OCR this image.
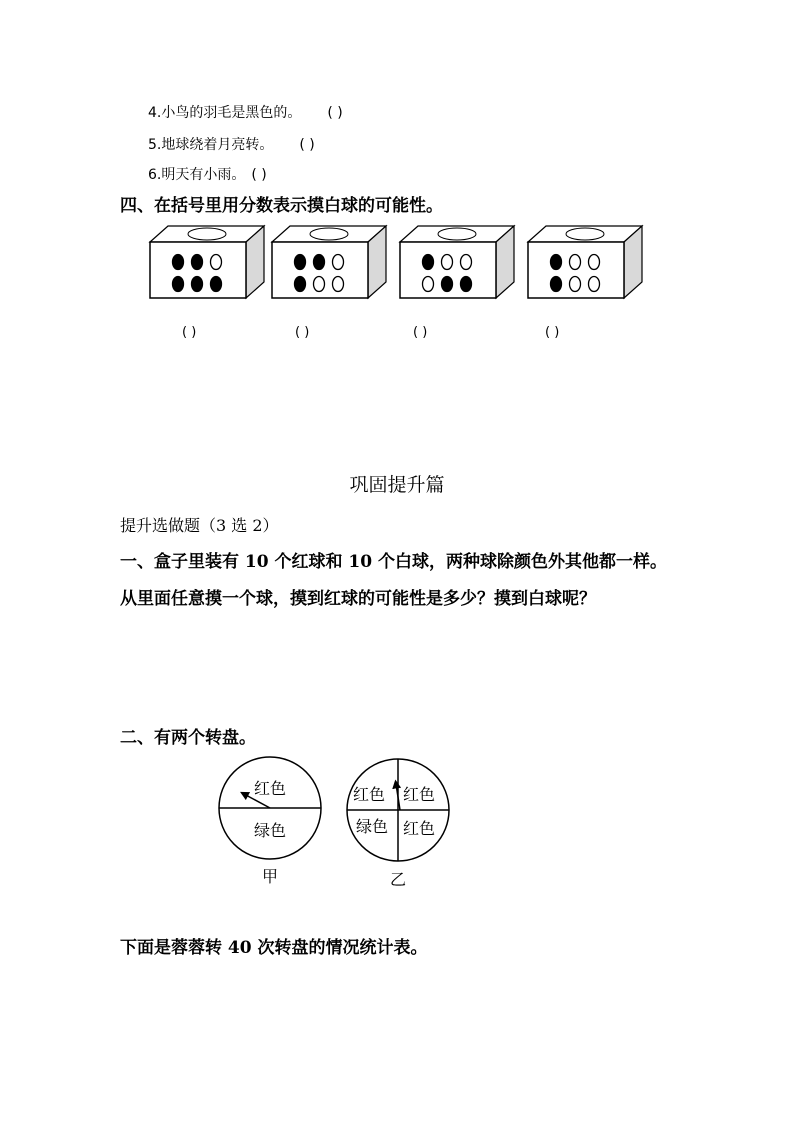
4.小鸟的羽毛是黑色的。 ( )
5.地球绕着月亮转。 ( )
6.明天有小雨。 ( )
四、在括号里用分数表示摸白球的可能性。
( )	( )	( )	( )
巩固提升篇
提升选做题（3 选 2）
一、盒子里装有 10 个红球和 10 个白球，两种球除颜色外其他都一样。
从里面任意摸一个球，摸到红球的可能性是多少？摸到白球呢？
二、有两个转盘。
红色
绿色
甲
红色 红色
绿色 红色
乙
下面是蓉蓉转 40 次转盘的情况统计表。
